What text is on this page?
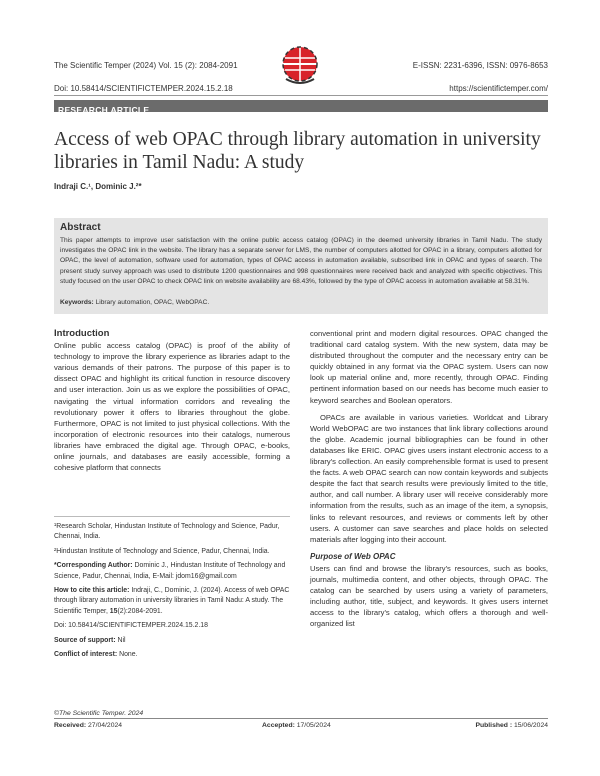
The Scientific Temper (2024) Vol. 15 (2): 2084-2091
Doi: 10.58414/SCIENTIFICTEMPER.2024.15.2.18
E-ISSN: 2231-6396, ISSN: 0976-8653
https://scientifictemper.com/
RESEARCH ARTICLE
Access of web OPAC through library automation in university libraries in Tamil Nadu: A study
Indraji C.¹, Dominic J.²*
Abstract

This paper attempts to improve user satisfaction with the online public access catalog (OPAC) in the deemed university libraries in Tamil Nadu. The study investigates the OPAC link in the website. The library has a separate server for LMS, the number of computers allotted for OPAC in a library, computers allotted for OPAC, the level of automation, software used for automation, types of OPAC access in automation available, subscribed link in OPAC and types of search. The present study survey approach was used to distribute 1200 questionnaires and 998 questionnaires were received back and analyzed with specific objectives. This study focused on the user OPAC to check OPAC link on website availability are 68.43%, followed by the type of OPAC access in automation available at 58.31%.

Keywords: Library automation, OPAC, WebOPAC.
Introduction

Online public access catalog (OPAC) is proof of the ability of technology to improve the library experience as libraries adapt to the various demands of their patrons. The purpose of this paper is to dissect OPAC and highlight its critical function in resource discovery and user interaction. Join us as we explore the possibilities of OPAC, navigating the virtual information corridors and revealing the revolutionary power it offers to libraries throughout the globe. Furthermore, OPAC is not limited to just physical collections. With the incorporation of electronic resources into their catalogs, numerous libraries have embraced the digital age. Through OPAC, e-books, online journals, and databases are easily accessible, forming a cohesive platform that connects

¹Research Scholar, Hindustan Institute of Technology and Science, Padur, Chennai, India.

²Hindustan Institute of Technology and Science, Padur, Chennai, India.

*Corresponding Author: Dominic J., Hindustan Institute of Technology and Science, Padur, Chennai, India, E-Mail: jdom16@gmail.com

How to cite this article: Indraji, C., Dominic, J. (2024). Access of web OPAC through library automation in university libraries in Tamil Nadu: A study. The Scientific Temper, 15(2):2084-2091.

Doi: 10.58414/SCIENTIFICTEMPER.2024.15.2.18

Source of support: Nil

Conflict of interest: None.

conventional print and modern digital resources. OPAC changed the traditional card catalog system. With the new system, data may be distributed throughout the computer and the necessary entry can be quickly obtained in any format via the OPAC system. Users can now look up material online and, more recently, through OPAC. Finding pertinent information based on our needs has become much easier to keyword searches and Boolean operators.

OPACs are available in various varieties. Worldcat and Library World WebOPAC are two instances that link library collections around the globe. Academic journal bibliographies can be found in other databases like ERIC. OPAC gives users instant electronic access to a library's collection. An easily comprehensible format is used to present the facts. A web OPAC search can now contain keywords and subjects despite the fact that search results were previously limited to the title, author, and call number. A library user will receive considerably more information from the results, such as an image of the item, a synopsis, links to relevant resources, and reviews or comments left by other users. A customer can save searches and place holds on selected materials after logging into their account.

Purpose of Web OPAC

Users can find and browse the library's resources, such as books, journals, multimedia content, and other objects, through OPAC. The catalog can be searched by users using a variety of parameters, including author, title, subject, and keywords. It gives users internet access to the library's catalog, which offers a thorough and well-organized list

©The Scientific Temper. 2024
Received: 27/04/2024	Accepted: 17/05/2024	Published : 15/06/2024
